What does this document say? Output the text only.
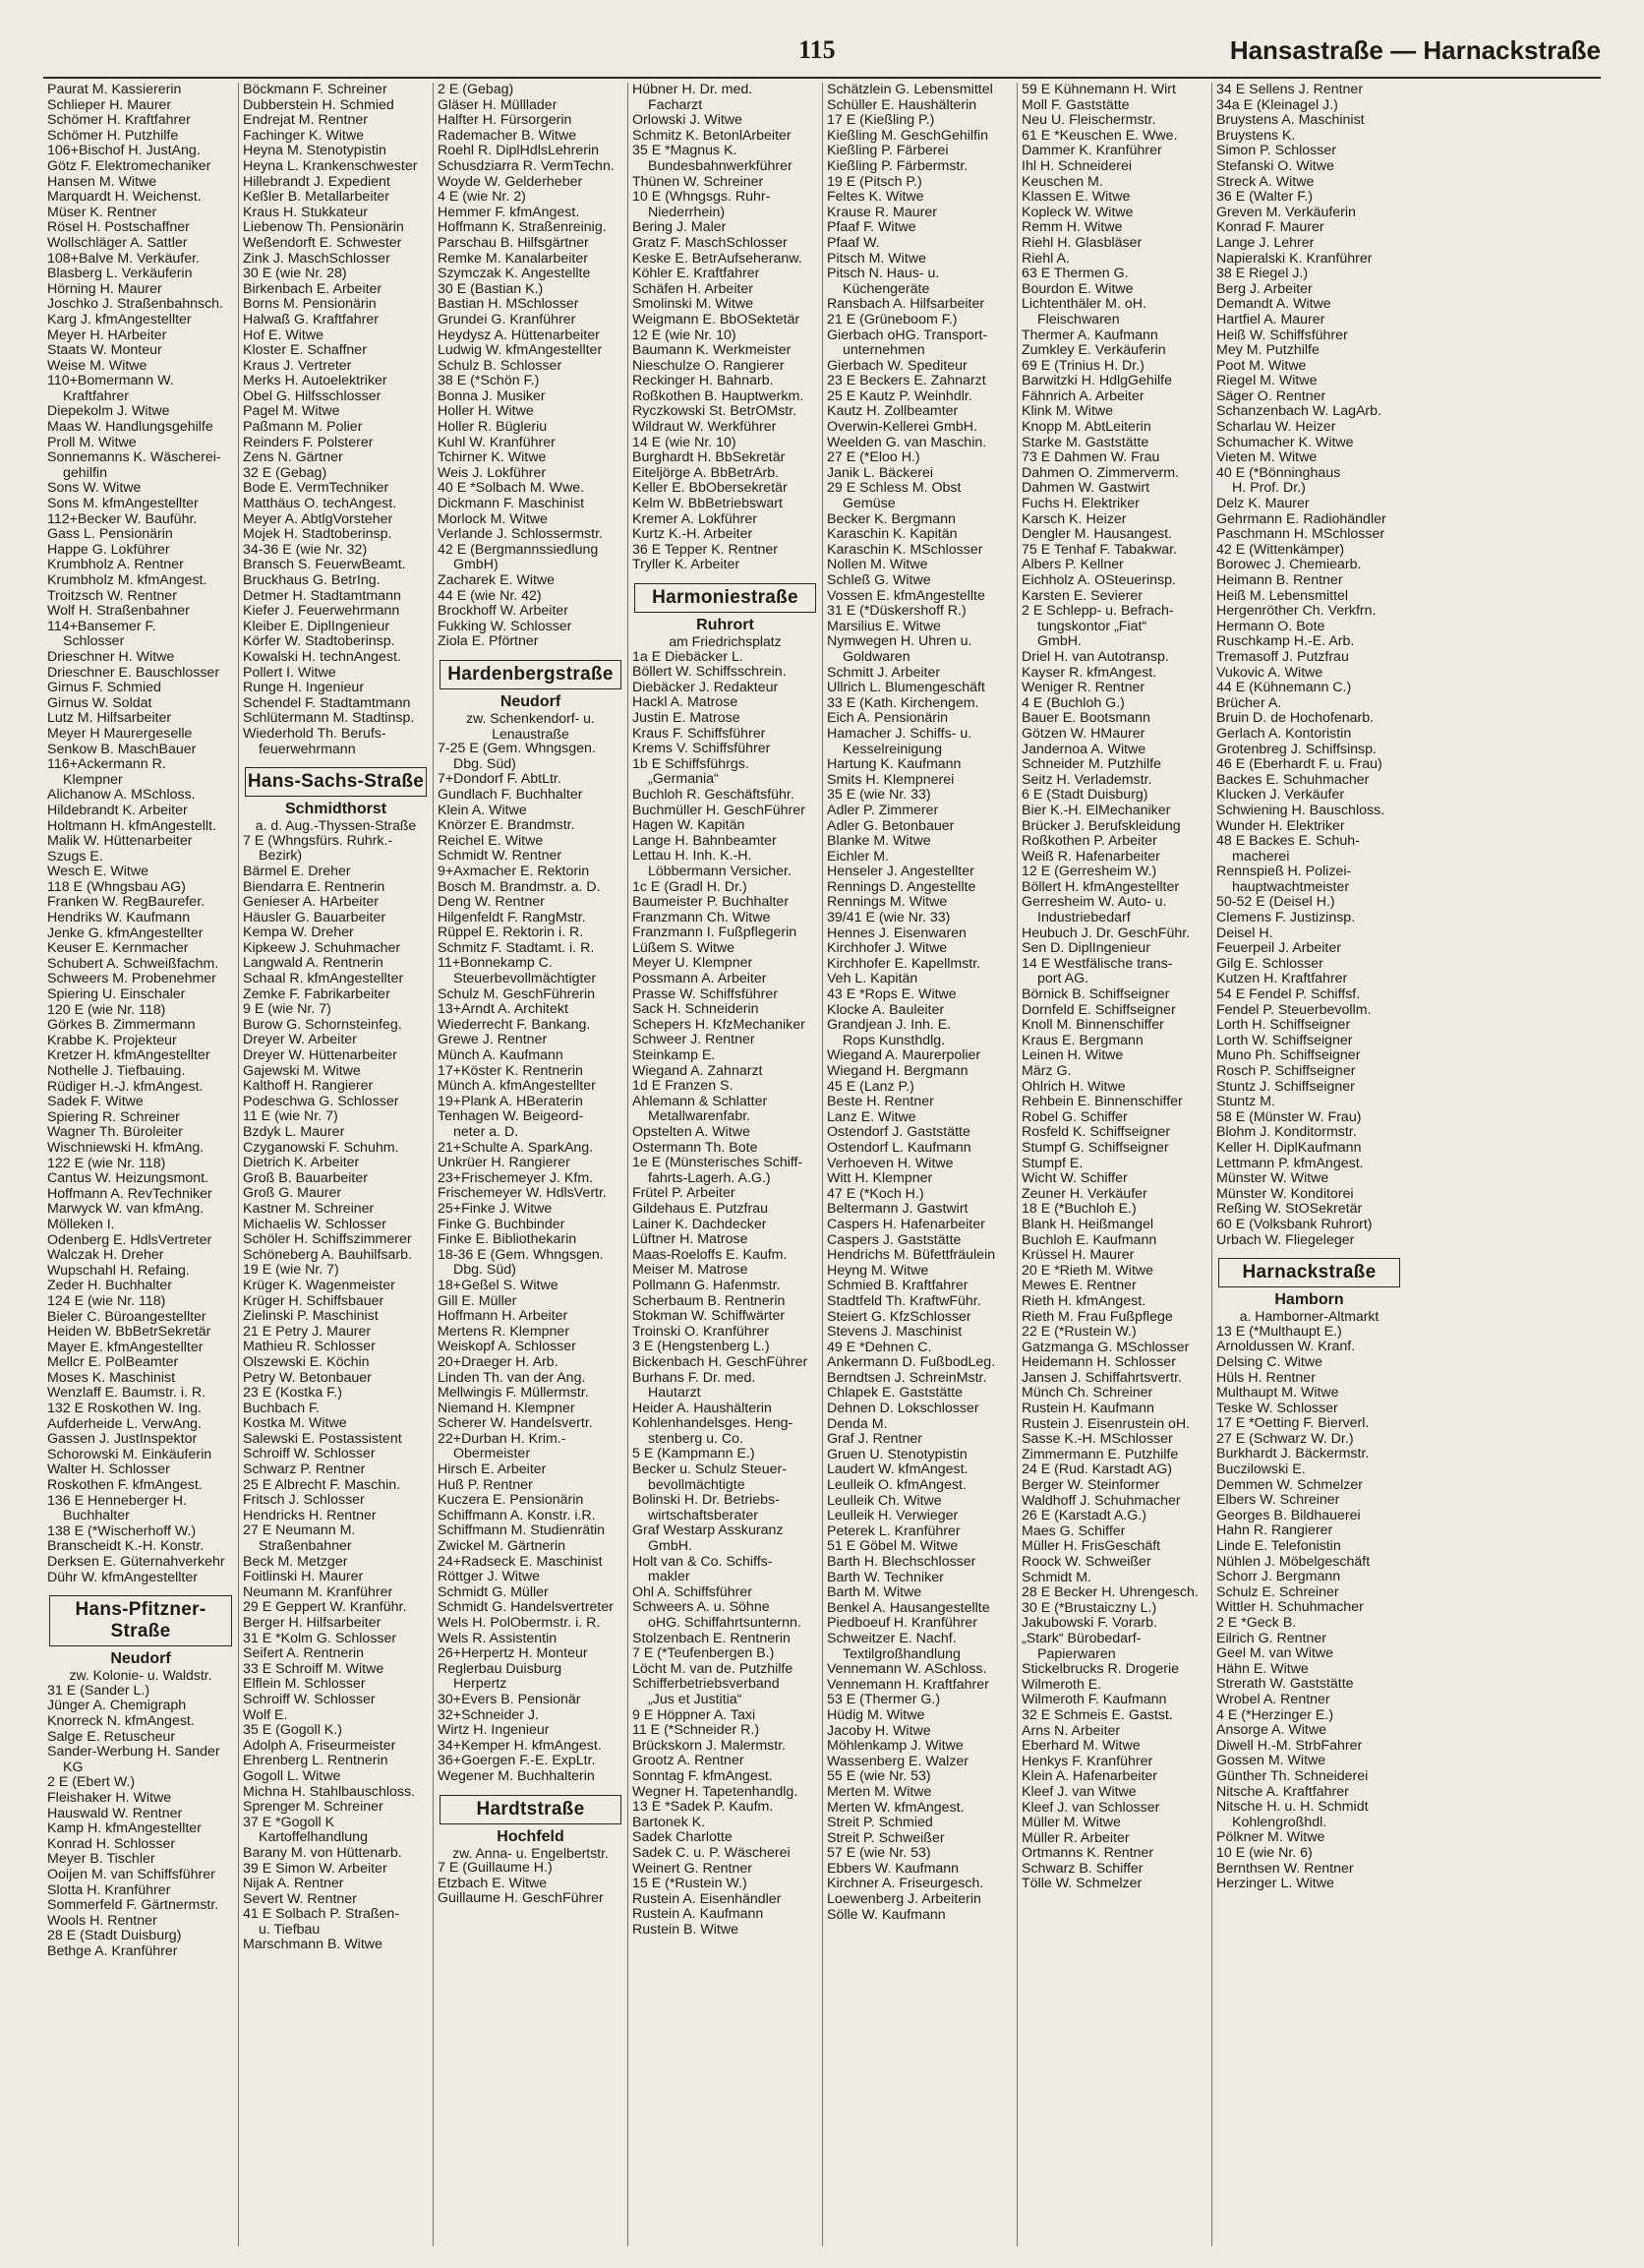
115	Hansastraße — Harnackstraße
Paurat M. Kassiererin
Schlieper H. Maurer
Schömer H. Kraftfahrer
Schömer H. Putzhilfe
106+Bischof H. JustAng.
Götz F. Elektromechaniker
Hansen M. Witwe
Marquardt H. Weichenst.
Müser K. Rentner
Rösel H. Postschaffner
Wollschläger A. Sattler
108+Balve M. Verkäufer.
Blasberg L. Verkäuferin
Hörning H. Maurer
Joschko J. Straßenbahnsch.
Karg J. kfmAngestellter
Meyer H. HArbeiter
Staats W. Monteur
Weise M. Witwe
110+Bomermann W.
Kraftfahrer
Diepekolm J. Witwe
Maas W. Handlungsgehilfe
Proll M. Witwe
Sonnemanns K. Wäscherei-
gehilfin
Sons W. Witwe
Sons M. kfmAngestellter
112+Becker W. Bauführ.
Gass L. Pensionärin
Happe G. Lokführer
Krumbholz A. Rentner
Krumbholz M. kfmAngest.
Troitzsch W. Rentner
Wolf H. Straßenbahner
114+Bansemer F.
Schlosser
Drieschner H. Witwe
Drieschner E. Bauschlosser
Girnus F. Schmied
Girnus W. Soldat
Lutz M. Hilfsarbeiter
Meyer H Maurergeselle
Senkow B. MaschBauer
116+Ackermann R.
Klempner
Alichanow A. MSchloss.
Hildebrandt K. Arbeiter
Holtmann H. kfmAngestellt.
Malik W. Hüttenarbeiter
Szugs E.
Wesch E. Witwe
118 E (Whngsbau AG)
Franken W. RegBaurefer.
Hendriks W. Kaufmann
Jenke G. kfmAngestellter
Keuser E. Kernmacher
Schubert A. Schweißfachm.
Schweers M. Probenehmer
Spiering U. Einschaler
120 E (wie Nr. 118)
Görkes B. Zimmermann
Krabbe K. Projekteur
Kretzer H. kfmAngestellter
Nothelle J. Tiefbauing.
Rüdiger H.-J. kfmAngest.
Sadek F. Witwe
Spiering R. Schreiner
Wagner Th. Büroleiter
Wischniewski H. kfmAng.
122 E (wie Nr. 118)
Cantus W. Heizungsmont.
Hoffmann A. RevTechniker
Marwyck W. van kfmAng.
Mölleken I.
Odenberg E. HdlsVertreter
Walczak H. Dreher
Wupschahl H. Refaing.
Zeder H. Buchhalter
124 E (wie Nr. 118)
Bieler C. Büroangestellter
Heiden W. BbBetrSekretär
Mayer E. kfmAngestellter
Mellcr E. PolBeamter
Moses K. Maschinist
Wenzlaff E. Baumstr. i. R.
132 E Roskothen W. Ing.
Aufderheide L. VerwAng.
Gassen J. JustInspektor
Schorowski M. Einkäuferin
Walter H. Schlosser
Roskothen F. kfmAngest.
136 E Henneberger H.
Buchhalter
138 E (*Wischerhoff W.)
Branscheidt K.-H. Konstr.
Derksen E. Güternahverkehr
Dühr W. kfmAngestellter
Hans-Pfitzner-Straße
Neudorf
zw. Kolonie- u. Waldstr.
31 E (Sander L.)
Jünger A. Chemigraph
Knorreck N. kfmAngest.
Salge E. Retuscheur
Sander-Werbung H. Sander
KG
2 E (Ebert W.)
Fleishaker H. Witwe
Hauswald W. Rentner
Kamp H. kfmAngestellter
Konrad H. Schlosser
Meyer B. Tischler
Ooijen M. van Schiffsführer
Slotta H. Kranführer
Sommerfeld F. Gärtnermstr.
Wools H. Rentner
28 E (Stadt Duisburg)
Bethge A. Kranführer
Böckmann F. Schreiner
Dubberstein H. Schmied
Endrejat M. Rentner
Fachinger K. Witwe
Heyna M. Stenotypistin
Heyna L. Krankenschwester
Hillebrandt J. Expedient
Keßler B. Metallarbeiter
Kraus H. Stukkateur
Liebenow Th. Pensionärin
Weßendorft E. Schwester
Zink J. MaschSchlosser
30 E (wie Nr. 28)
Birkenbach E. Arbeiter
Borns M. Pensionärin
Halwaß G. Kraftfahrer
Hof E. Witwe
Kloster E. Schaffner
Kraus J. Vertreter
Merks H. Autoelektriker
Obel G. Hilfsschlosser
Pagel M. Witwe
Paßmann M. Polier
Reinders F. Polsterer
Zens N. Gärtner
32 E (Gebag)
Bode E. VermTechniker
Matthäus O. techAngest.
Meyer A. AbtlgVorsteher
Mojek H. Stadtoberinsp.
34-36 E (wie Nr. 32)
Bransch S. FeuerwBeamt.
Bruckhaus G. BetrIng.
Detmer H. Stadtamtmann
Kiefer J. Feuerwehrmann
Kleiber E. DiplIngenieur
Körfer W. Stadtoberinsp.
Kowalski H. technAngest.
Pollert I. Witwe
Runge H. Ingenieur
Schendel F. Stadtamtmann
Schlütermann M. Stadtinsp.
Wiederhold Th. Berufs-
feuerwehrmann
Hans-Sachs-Straße
Schmidthorst
a. d. Aug.-Thyssen-Straße
7 E (Whngsfürs. Ruhrk.-
Bezirk)
Bärmel E. Dreher
Biendarra E. Rentnerin
Genieser A. HArbeiter
Häusler G. Bauarbeiter
Kempa W. Dreher
Kipkeew J. Schuhmacher
Langwald A. Rentnerin
Schaal R. kfmAngestellter
Zemke F. Fabrikarbeiter
9 E (wie Nr. 7)
Burow G. Schornsteinfeg.
Dreyer W. Arbeiter
Dreyer W. Hüttenarbeiter
Gajewski M. Witwe
Kalthoff H. Rangierer
Podeschwa G. Schlosser
11 E (wie Nr. 7)
Bzdyk L. Maurer
Czyganowski F. Schuhm.
Dietrich K. Arbeiter
Groß B. Bauarbeiter
Groß G. Maurer
Kastner M. Schreiner
Michaelis W. Schlosser
Schöler H. Schiffszimmerer
Schöneberg A. Bauhilfsarb.
19 E (wie Nr. 7)
Krüger K. Wagenmeister
Krüger H. Schiffsbauer
Zielinski P. Maschinist
21 E Petry J. Maurer
Mathieu R. Schlosser
Olszewski E. Köchin
Petry W. Betonbauer
23 E (Kostka F.)
Buchbach F.
Kostka M. Witwe
Salewski E. Postassistent
Schroiff W. Schlosser
Schwarz P. Rentner
25 E Albrecht F. Maschin.
Fritsch J. Schlosser
Hendricks H. Rentner
27 E Neumann M.
Straßenbahner
Beck M. Metzger
Foitlinski H. Maurer
Neumann M. Kranführer
29 E Geppert W. Kranführ.
Berger H. Hilfsarbeiter
31 E *Kolm G. Schlosser
Seifert A. Rentnerin
33 E Schroiff M. Witwe
Elflein M. Schlosser
Schroiff W. Schlosser
Wolf E.
35 E (Gogoll K.)
Adolph A. Friseurmeister
Ehrenberg L. Rentnerin
Gogoll L. Witwe
Michna H. Stahlbauschloss.
Sprenger M. Schreiner
37 E *Gogoll K
Kartoffelhandlung
Barany M. von Hüttenarb.
39 E Simon W. Arbeiter
Nijak A. Rentner
Severt W. Rentner
41 E Solbach P. Straßen-
u. Tiefbau
Marschmann B. Witwe
2 E (Gebag)
Gläser H. Mülllader
Halfter H. Fürsorgerin
Rademacher B. Witwe
Roehl R. DiplHdlsLehrerin
Schusdziarra R. VermTechn.
Woyde W. Gelderheber
4 E (wie Nr. 2)
Hemmer F. kfmAngest.
Hoffmann K. Straßenreinig.
Parschau B. Hilfsgärtner
Remke M. Kanalarbeiter
Szymczak K. Angestellte
30 E (Bastian K.)
Bastian H. MSchlosser
Grundei G. Kranführer
Heydysz A. Hüttenarbeiter
Ludwig W. kfmAngestellter
Schulz B. Schlosser
38 E (*Schön F.)
Bonna J. Musiker
Holler H. Witwe
Holler R. Bügleriu
Kuhl W. Kranführer
Tchirner K. Witwe
Weis J. Lokführer
40 E *Solbach M. Wwe.
Dickmann F. Maschinist
Morlock M. Witwe
Verlande J. Schlossermstr.
42 E (Bergmannssiedlung
GmbH)
Zacharek E. Witwe
44 E (wie Nr. 42)
Brockhoff W. Arbeiter
Fukking W. Schlosser
Ziola E. Pförtner
Hardenbergstraße
Neudorf
zw. Schenkendorf- u. Lenaustraße
7-25 E (Gem. Whngsgen.
Dbg. Süd)
7+Dondorf F. AbtLtr.
Gundlach F. Buchhalter
Klein A. Witwe
Knörzer E. Brandmstr.
Reichel E. Witwe
Schmidt W. Rentner
9+Axmacher E. Rektorin
Bosch M. Brandmstr. a. D.
Deng W. Rentner
Hilgenfeldt F. RangMstr.
Rüppel E. Rektorin i. R.
Schmitz F. Stadtamt. i. R.
11+Bonnekamp C.
Steuerbevollmächtigter
Schulz M. GeschFührerin
13+Arndt A. Architekt
Wiederrecht F. Bankang.
Grewe J. Rentner
Münch A. Kaufmann
17+Köster K. Rentnerin
Münch A. kfmAngestellter
19+Plank A. HBeraterin
Tenhagen W. Beigeord-
neter a. D.
21+Schulte A. SparkAng.
Unkrüer H. Rangierer
23+Frischemeyer J. Kfm.
Frischemeyer W. HdlsVertr.
25+Finke J. Witwe
Finke G. Buchbinder
Finke E. Bibliothekarin
18-36 E (Gem. Whngsgen.
Dbg. Süd)
18+Geßel S. Witwe
Gill E. Müller
Hoffmann H. Arbeiter
Mertens R. Klempner
Weiskopf A. Schlosser
20+Draeger H. Arb.
Linden Th. van der Ang.
Mellwingis F. Müllermstr.
Niemand H. Klempner
Scherer W. Handelsvertr.
22+Durban H. Krim.-
Obermeister
Hirsch E. Arbeiter
Huß P. Rentner
Kuczera E. Pensionärin
Schiffmann A. Konstr. i.R.
Schiffmann M. Studienrätin
Zwickel M. Gärtnerin
24+Radseck E. Maschinist
Röttger J. Witwe
Schmidt G. Müller
Schmidt G. Handelsvertreter
Wels H. PolObermstr. i. R.
Wels R. Assistentin
26+Herpertz H. Monteur
Reglerbau Duisburg
Herpertz
30+Evers B. Pensionär
32+Schneider J.
Wirtz H. Ingenieur
34+Kemper H. kfmAngest.
36+Goergen F.-E. ExpLtr.
Wegener M. Buchhalterin
Hardtstraße
Hochfeld
zw. Anna- u. Engelbertstr.
7 E (Guillaume H.)
Etzbach E. Witwe
Guillaume H. GeschFührer
Hübner H. Dr. med.
Facharzt
Orlowski J. Witwe
Schmitz K. BetonlArbeiter
35 E *Magnus K.
Bundesbahnwerkführer
Thünen W. Schreiner
10 E (Whngsgs. Ruhr-
Niederrhein)
Bering J. Maler
Gratz F. MaschSchlosser
Keske E. BetrAufseheranw.
Köhler E. Kraftfahrer
Schäfen H. Arbeiter
Smolinski M. Witwe
Weigmann E. BbOSektetär
12 E (wie Nr. 10)
Baumann K. Werkmeister
Nieschulze O. Rangierer
Reckinger H. Bahnarb.
Roßkothen B. Hauptwerkm.
Ryczkowski St. BetrOMstr.
Wildraut W. Werkführer
14 E (wie Nr. 10)
Burghardt H. BbSekretär
Eiteljörge A. BbBetrArb.
Keller E. BbObersekretär
Kelm W. BbBetriebswart
Kremer A. Lokführer
Kurtz K.-H. Arbeiter
36 E Tepper K. Rentner
Tryller K. Arbeiter
Harmoniestraße
Ruhrort
am Friedrichsplatz
1a E Diebäcker L.
Böllert W. Schiffsschrein.
Diebäcker J. Redakteur
Hackl A. Matrose
Justin E. Matrose
Kraus F. Schiffsführer
Krems V. Schiffsführer
1b E Schiffsführgs.
„Germania“
Buchloh R. Geschäftsführ.
Buchmüller H. GeschFührer
Hagen W. Kapitän
Lange H. Bahnbeamter
Lettau H. Inh. K.-H.
Löbbermann Versicher.
1c E (Gradl H. Dr.)
Baumeister P. Buchhalter
Franzmann Ch. Witwe
Franzmann I. Fußpflegerin
Lüßem S. Witwe
Meyer U. Klempner
Possmann A. Arbeiter
Prasse W. Schiffsführer
Sack H. Schneiderin
Schepers H. KfzMechaniker
Schweer J. Rentner
Steinkamp E.
Wiegand A. Zahnarzt
1d E Franzen S.
Ahlemann & Schlatter
Metallwarenfabr.
Opstelten A. Witwe
Ostermann Th. Bote
1e E (Münsterisches Schiff-
fahrts-Lagerh. A.G.)
Frütel P. Arbeiter
Gildehaus E. Putzfrau
Lainer K. Dachdecker
Lüftner H. Matrose
Maas-Roeloffs E. Kaufm.
Meiser M. Matrose
Pollmann G. Hafenmstr.
Scherbaum B. Rentnerin
Stokman W. Schiffwärter
Troinski O. Kranführer
3 E (Hengstenberg L.)
Bickenbach H. GeschFührer
Burhans F. Dr. med.
Hautarzt
Heider A. Haushälterin
Kohlenhandelsges. Heng-
stenberg u. Co.
5 E (Kampmann E.)
Becker u. Schulz Steuer-
bevollmächtigte
Bolinski H. Dr. Betriebs-
wirtschaftsberater
Graf Westarp Asskuranz
GmbH.
Holt van & Co. Schiffs-
makler
Ohl A. Schiffsführer
Schweers A. u. Söhne
oHG. Schiffahrtsunternn.
Stolzenbach E. Rentnerin
7 E (*Teufenbergen B.)
Löcht M. van de. Putzhilfe
Schifferbetriebsverband
„Jus et Justitia“
9 E Höppner A. Taxi
11 E (*Schneider R.)
Brückskorn J. Malermstr.
Grootz A. Rentner
Sonntag F. kfmAngest.
Wegner H. Tapetenhandlg.
13 E *Sadek P. Kaufm.
Bartonek K.
Sadek Charlotte
Sadek C. u. P. Wäscherei
Weinert G. Rentner
15 E (*Rustein W.)
Rustein A. Eisenhändler
Rustein A. Kaufmann
Rustein B. Witwe
Schätzlein G. Lebensmittel
Schüller E. Haushälterin
17 E (Kießling P.)
Kießling M. GeschGehilfin
Kießling P. Färberei
Kießling P. Färbermstr.
19 E (Pitsch P.)
Feltes K. Witwe
Krause R. Maurer
Pfaaf F. Witwe
Pfaaf W.
Pitsch M. Witwe
Pitsch N. Haus- u.
Küchengeräte
Ransbach A. Hilfsarbeiter
21 E (Grüneboom F.)
Gierbach oHG. Transport-
unternehmen
Gierbach W. Spediteur
23 E Beckers E. Zahnarzt
25 E Kautz P. Weinhdlr.
Kautz H. Zollbeamter
Overwin-Kellerei GmbH.
Weelden G. van Maschin.
27 E (*Eloo H.)
Janik L. Bäckerei
29 E Schless M. Obst
Gemüse
Becker K. Bergmann
Karaschin K. Kapitän
Karaschin K. MSchlosser
Nollen M. Witwe
Schleß G. Witwe
Vossen E. kfmAngestellte
31 E (*Düskershoff R.)
Marsilius E. Witwe
Nymwegen H. Uhren u.
Goldwaren
Schmitt J. Arbeiter
Ullrich L. Blumengeschäft
33 E (Kath. Kirchengem.
Eich A. Pensionärin
Hamacher J. Schiffs- u.
Kesselreinigung
Hartung K. Kaufmann
Smits H. Klempnerei
35 E (wie Nr. 33)
Adler P. Zimmerer
Adler G. Betonbauer
Blanke M. Witwe
Eichler M.
Henseler J. Angestellter
Rennings D. Angestellte
Rennings M. Witwe
39/41 E (wie Nr. 33)
Hennes J. Eisenwaren
Kirchhofer J. Witwe
Kirchhofer E. Kapellmstr.
Veh L. Kapitän
43 E *Rops E. Witwe
Klocke A. Bauleiter
Grandjean J. Inh. E.
Rops Kunsthdlg.
Wiegand A. Maurerpolier
Wiegand H. Bergmann
45 E (Lanz P.)
Beste H. Rentner
Lanz E. Witwe
Ostendorf J. Gaststätte
Ostendorf L. Kaufmann
Verhoeven H. Witwe
Witt H. Klempner
47 E (*Koch H.)
Beltermann J. Gastwirt
Caspers H. Hafenarbeiter
Caspers J. Gaststätte
Hendrichs M. Büfettfräulein
Heyng M. Witwe
Schmied B. Kraftfahrer
Stadtfeld Th. KraftwFühr.
Steiert G. KfzSchlosser
Stevens J. Maschinist
49 E *Dehnen C.
Ankermann D. FußbodLeg.
Berndtsen J. SchreinMstr.
Chlapek E. Gaststätte
Dehnen D. Lokschlosser
Denda M.
Graf J. Rentner
Gruen U. Stenotypistin
Laudert W. kfmAngest.
Leulleik O. kfmAngest.
Leulleik Ch. Witwe
Leulleik H. Verwieger
Peterek L. Kranführer
51 E Göbel M. Witwe
Barth H. Blechschlosser
Barth W. Techniker
Barth M. Witwe
Benkel A. Hausangestellte
Piedboeuf H. Kranführer
Schweitzer E. Nachf.
Textilgroßhandlung
Vennemann W. ASchloss.
Vennemann H. Kraftfahrer
53 E (Thermer G.)
Hüdig M. Witwe
Jacoby H. Witwe
Möhlenkamp J. Witwe
Wassenberg E. Walzer
55 E (wie Nr. 53)
Merten M. Witwe
Merten W. kfmAngest.
Streit P. Schmied
Streit P. Schweißer
57 E (wie Nr. 53)
Ebbers W. Kaufmann
Kirchner A. Friseurgesch.
Loewenberg J. Arbeiterin
Sölle W. Kaufmann
59 E Kühnemann H. Wirt
Moll F. Gaststätte
Neu U. Fleischermstr.
61 E *Keuschen E. Wwe.
Dammer K. Kranführer
Ihl H. Schneiderei
Keuschen M.
Klassen E. Witwe
Kopleck W. Witwe
Remm H. Witwe
Riehl H. Glasbläser
Riehl A.
63 E Thermen G.
Bourdon E. Witwe
Lichtenthäler M. oH.
Fleischwaren
Thermer A. Kaufmann
Zumkley E. Verkäuferin
69 E (Trinius H. Dr.)
Barwitzki H. HdlgGehilfe
Fähnrich A. Arbeiter
Klink M. Witwe
Knopp M. AbtLeiterin
Starke M. Gaststätte
73 E Dahmen W. Frau
Dahmen O. Zimmerverm.
Dahmen W. Gastwirt
Fuchs H. Elektriker
Karsch K. Heizer
Dengler M. Hausangest.
75 E Tenhaf F. Tabakwar.
Albers P. Kellner
Eichholz A. OSteuerinsp.
Karsten E. Sevierer
2 E Schlepp- u. Befrach-
tungskontor „Fiat“
GmbH.
Driel H. van Autotransp.
Kayser R. kfmAngest.
Weniger R. Rentner
4 E (Buchloh G.)
Bauer E. Bootsmann
Götzen W. HMaurer
Jandernoa A. Witwe
Schneider M. Putzhilfe
Seitz H. Verlademstr.
6 E (Stadt Duisburg)
Bier K.-H. ElMechaniker
Brücker J. Berufskleidung
Roßkothen P. Arbeiter
Weiß R. Hafenarbeiter
12 E (Gerresheim W.)
Böllert H. kfmAngestellter
Gerresheim W. Auto- u.
Industriebedarf
Heubuch J. Dr. GeschFühr.
Sen D. DiplIngenieur
14 E Westfälische trans-
port AG.
Börnick B. Schiffseigner
Dornfeld E. Schiffseigner
Knoll M. Binnenschiffer
Kraus E. Bergmann
Leinen H. Witwe
März G.
Ohlrich H. Witwe
Rehbein E. Binnenschiffer
Robel G. Schiffer
Rosfeld K. Schiffseigner
Stumpf G. Schiffseigner
Stumpf E.
Wicht W. Schiffer
Zeuner H. Verkäufer
18 E (*Buchloh E.)
Blank H. Heißmangel
Buchloh E. Kaufmann
Krüssel H. Maurer
20 E *Rieth M. Witwe
Mewes E. Rentner
Rieth H. kfmAngest.
Rieth M. Frau Fußpflege
22 E (*Rustein W.)
Gatzmanga G. MSchlosser
Heidemann H. Schlosser
Jansen J. Schiffahrtsvertr.
Münch Ch. Schreiner
Rustein H. Kaufmann
Rustein J. Eisenrustein oH.
Sasse K.-H. MSchlosser
Zimmermann E. Putzhilfe
24 E (Rud. Karstadt AG)
Berger W. Steinformer
Waldhoff J. Schuhmacher
26 E (Karstadt A.G.)
Maes G. Schiffer
Müller H. FrisGeschäft
Roock W. Schweißer
Schmidt M.
28 E Becker H. Uhrengesch.
30 E (*Brustaiczny L.)
Jakubowski F. Vorarb.
„Stark“ Bürobedarf-
Papierwaren
Stickelbrucks R. Drogerie
Wilmeroth E.
Wilmeroth F. Kaufmann
32 E Schmeis E. Gastst.
Arns N. Arbeiter
Eberhard M. Witwe
Henkys F. Kranführer
Klein A. Hafenarbeiter
Kleef J. van Witwe
Kleef J. van Schlosser
Müller M. Witwe
Müller R. Arbeiter
Ortmanns K. Rentner
Schwarz B. Schiffer
Tölle W. Schmelzer
34 E Sellens J. Rentner
34a E (Kleinagel J.)
Bruystens A. Maschinist
Bruystens K.
Simon P. Schlosser
Stefanski O. Witwe
Streck A. Witwe
36 E (Walter F.)
Greven M. Verkäuferin
Konrad F. Maurer
Lange J. Lehrer
Napieralski K. Kranführer
38 E Riegel J.)
Berg J. Arbeiter
Demandt A. Witwe
Hartfiel A. Maurer
Heiß W. Schiffsführer
Mey M. Putzhilfe
Poot M. Witwe
Riegel M. Witwe
Säger O. Rentner
Schanzenbach W. LagArb.
Scharlau W. Heizer
Schumacher K. Witwe
Vieten M. Witwe
40 E (*Bönninghaus
H. Prof. Dr.)
Delz K. Maurer
Gehrmann E. Radiohändler
Paschmann H. MSchlosser
42 E (Wittenkämper)
Borowec J. Chemiearb.
Heimann B. Rentner
Heiß M. Lebensmittel
Hergenröther Ch. Verkfrn.
Hermann O. Bote
Ruschkamp H.-E. Arb.
Tremasoff J. Putzfrau
Vukovic A. Witwe
44 E (Kühnemann C.)
Brücher A.
Bruin D. de Hochofenarb.
Gerlach A. Kontoristin
Grotenbreg J. Schiffsinsp.
46 E (Eberhardt F. u. Frau)
Backes E. Schuhmacher
Klucken J. Verkäufer
Schwiening H. Bauschloss.
Wunder H. Elektriker
48 E Backes E. Schuh-
macherei
Rennspieß H. Polizei-
hauptwachtmeister
50-52 E (Deisel H.)
Clemens F. Justizinsp.
Deisel H.
Feuerpeil J. Arbeiter
Gilg E. Schlosser
Kutzen H. Kraftfahrer
54 E Fendel P. Schiffsf.
Fendel P. Steuerbevollm.
Lorth H. Schiffseigner
Lorth W. Schiffseigner
Muno Ph. Schiffseigner
Rosch P. Schiffseigner
Stuntz J. Schiffseigner
Stuntz M.
58 E (Münster W. Frau)
Blohm J. Konditormstr.
Keller H. DiplKaufmann
Lettmann P. kfmAngest.
Münster W. Witwe
Münster W. Konditorei
Reßing W. StOSekretär
60 E (Volksbank Ruhrort)
Urbach W. Fliegeleger
Harnackstraße
Hamborn
a. Hamborner-Altmarkt
13 E (*Multhaupt E.)
Arnoldussen W. Kranf.
Delsing C. Witwe
Hüls H. Rentner
Multhaupt M. Witwe
Teske W. Schlosser
17 E *Oetting F. Bierverl.
27 E (Schwarz W. Dr.)
Burkhardt J. Bäckermstr.
Buczilowski E.
Demmen W. Schmelzer
Elbers W. Schreiner
Georges B. Bildhauerei
Hahn R. Rangierer
Linde E. Telefonistin
Nühlen J. Möbelgeschäft
Schorr J. Bergmann
Schulz E. Schreiner
Wittler H. Schuhmacher
2 E *Geck B.
Eilrich G. Rentner
Geel M. van Witwe
Hähn E. Witwe
Strerath W. Gaststätte
Wrobel A. Rentner
4 E (*Herzinger E.)
Ansorge A. Witwe
Diwell H.-M. StrbFahrer
Gossen M. Witwe
Günther Th. Schneiderei
Nitsche A. Kraftfahrer
Nitsche H. u. H. Schmidt
Kohlengroßhdl.
Pölkner M. Witwe
10 E (wie Nr. 6)
Bernthsen W. Rentner
Herzinger L. Witwe
